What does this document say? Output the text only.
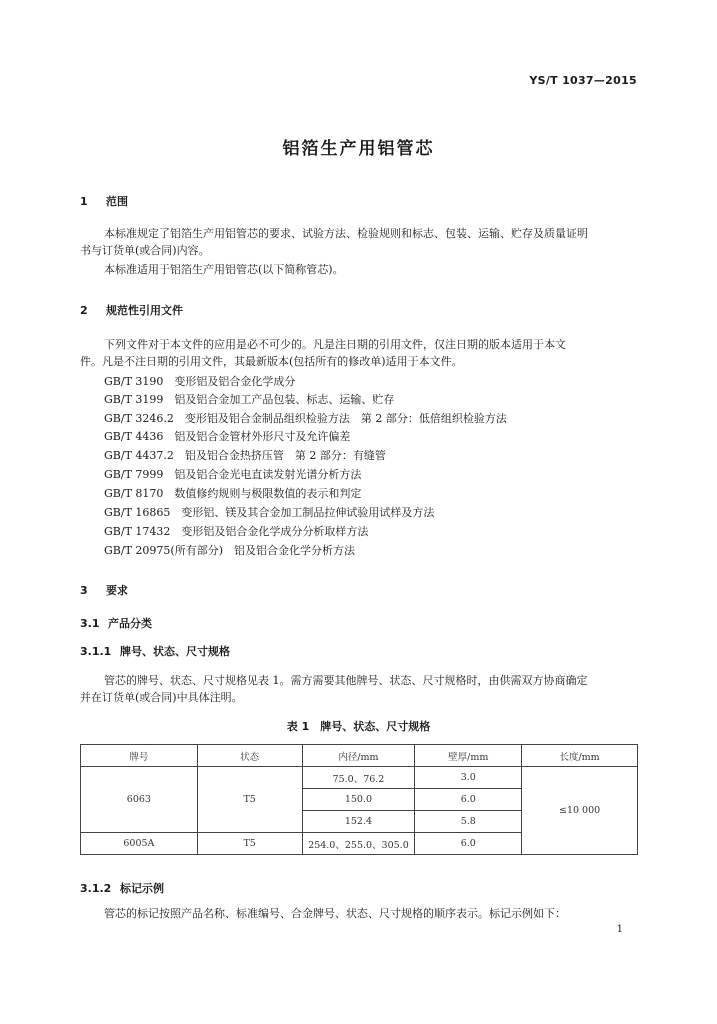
YS/T 1037—2015
铝箔生产用铝管芯
1 范围
本标准规定了铝箔生产用铝管芯的要求、试验方法、检验规则和标志、包装、运输、贮存及质量证明
书与订货单(或合同)内容。
本标准适用于铝箔生产用铝管芯(以下简称管芯)。
2 规范性引用文件
下列文件对于本文件的应用是必不可少的。凡是注日期的引用文件，仅注日期的版本适用于本文
件。凡是不注日期的引用文件，其最新版本(包括所有的修改单)适用于本文件。
GB/T 3190　变形铝及铝合金化学成分
GB/T 3199　铝及铝合金加工产品包装、标志、运输、贮存
GB/T 3246.2　变形铝及铝合金制品组织检验方法　第 2 部分：低倍组织检验方法
GB/T 4436　铝及铝合金管材外形尺寸及允许偏差
GB/T 4437.2　铝及铝合金热挤压管　第 2 部分：有缝管
GB/T 7999　铝及铝合金光电直读发射光谱分析方法
GB/T 8170　数值修约规则与极限数值的表示和判定
GB/T 16865　变形铝、镁及其合金加工制品拉伸试验用试样及方法
GB/T 17432　变形铝及铝合金化学成分分析取样方法
GB/T 20975(所有部分)　铝及铝合金化学分析方法
3 要求
3.1 产品分类
3.1.1 牌号、状态、尺寸规格
管芯的牌号、状态、尺寸规格见表 1。需方需要其他牌号、状态、尺寸规格时，由供需双方协商确定
并在订货单(或合同)中具体注明。
表 1　牌号、状态、尺寸规格
牌号	状态	内径/mm	壁厚/mm	长度/mm
6063	T5	75.0、76.2	3.0	≤10 000
		150.0	6.0	
		152.4	5.8	
6005A	T5	254.0、255.0、305.0	6.0	
3.1.2 标记示例
管芯的标记按照产品名称、标准编号、合金牌号、状态、尺寸规格的顺序表示。标记示例如下：
1
